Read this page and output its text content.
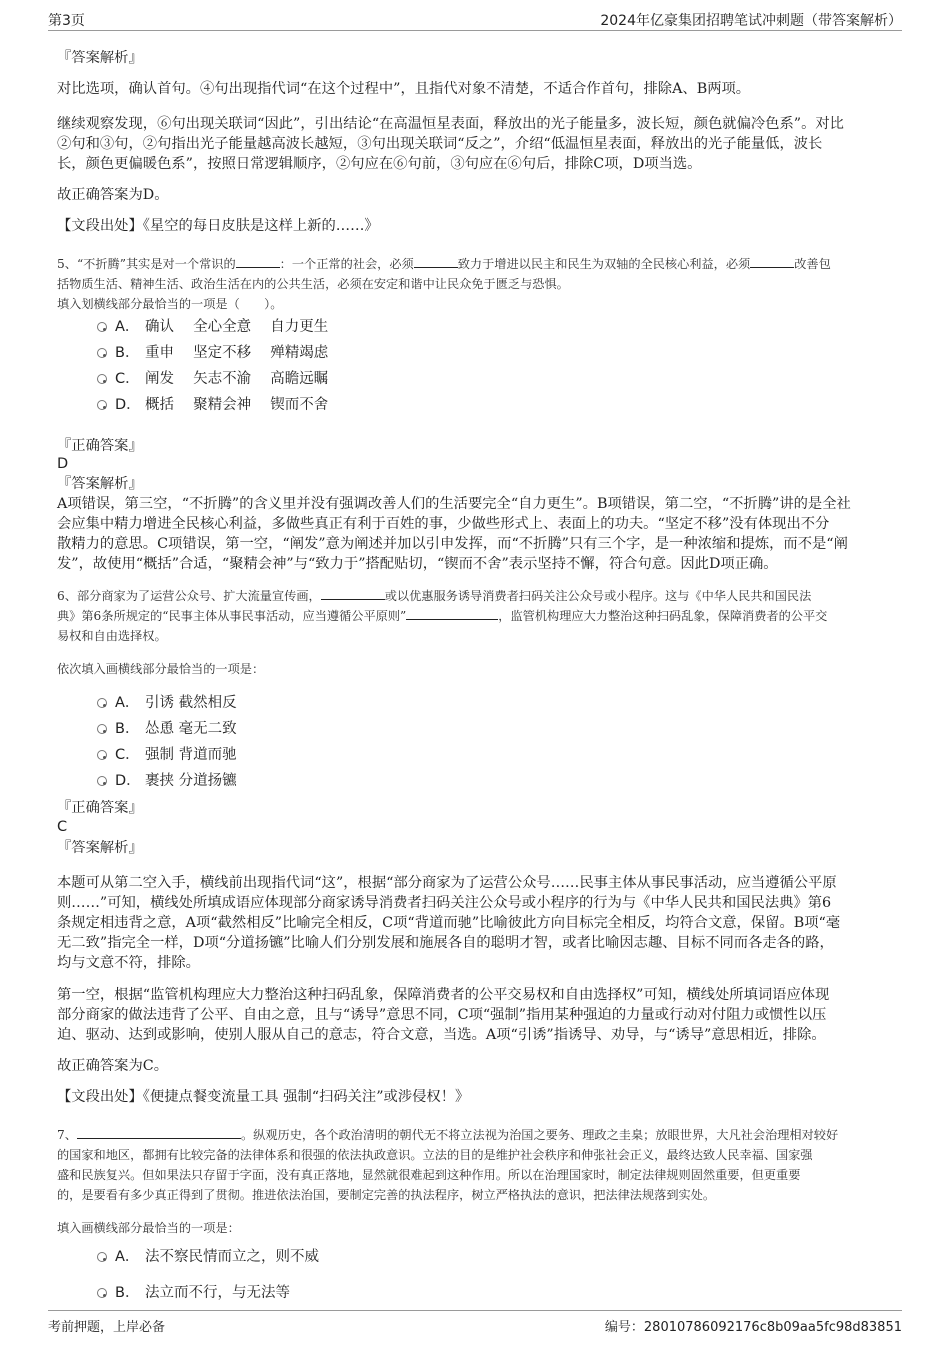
第3页	2024年亿豪集团招聘笔试冲刺题（带答案解析）
『答案解析』
对比选项，确认首句。④句出现指代词“在这个过程中”，且指代对象不清楚，不适合作首句，排除A、B两项。
继续观察发现，⑥句出现关联词“因此”，引出结论“在高温恒星表面，释放出的光子能量多，波长短，颜色就偏冷色系”。对比
②句和③句，②句指出光子能量越高波长越短，③句出现关联词“反之”，介绍“低温恒星表面，释放出的光子能量低，波长
长，颜色更偏暖色系”，按照日常逻辑顺序，②句应在⑥句前，③句应在⑥句后，排除C项，D项当选。
故正确答案为D。
【文段出处】《星空的每日皮肤是这样上新的……》
5、“不折腾”其实是对一个常识的	：一个正常的社会，必须	致力于增进以民主和民生为双轴的全民核心利益，必须	改善包
括物质生活、精神生活、政治生活在内的公共生活，必须在安定和谐中让民众免于匮乏与恐惧。
填入划横线部分最恰当的一项是（　　）。
A． 确认　 全心全意　 自力更生
B． 重申　 坚定不移　 殚精竭虑
C． 阐发　 矢志不渝　 高瞻远瞩
D． 概括　 聚精会神　 锲而不舍
『正确答案』
D
『答案解析』
A项错误，第三空，“不折腾”的含义里并没有强调改善人们的生活要完全“自力更生”。B项错误，第二空，“不折腾”讲的是全社
会应集中精力增进全民核心利益，多做些真正有利于百姓的事，少做些形式上、表面上的功夫。“坚定不移”没有体现出不分
散精力的意思。C项错误，第一空，“阐发”意为阐述并加以引申发挥，而“不折腾”只有三个字，是一种浓缩和提炼，而不是“阐
发”，故使用“概括”合适，“聚精会神”与“致力于”搭配贴切，“锲而不舍”表示坚持不懈，符合句意。因此D项正确。
6、部分商家为了运营公众号、扩大流量宣传画，	或以优惠服务诱导消费者扫码关注公众号或小程序。这与《中华人民共和国民法
典》第6条所规定的“民事主体从事民事活动，应当遵循公平原则”	，监管机构理应大力整治这种扫码乱象，保障消费者的公平交
易权和自由选择权。
依次填入画横线部分最恰当的一项是：
A． 引诱 截然相反
B． 怂恿 毫无二致
C． 强制 背道而驰
D． 裹挟 分道扬镳
『正确答案』
C
『答案解析』
本题可从第二空入手，横线前出现指代词“这”，根据“部分商家为了运营公众号……民事主体从事民事活动，应当遵循公平原
则……”可知，横线处所填成语应体现部分商家诱导消费者扫码关注公众号或小程序的行为与《中华人民共和国民法典》第6
条规定相违背之意，A项“截然相反”比喻完全相反，C项“背道而驰”比喻彼此方向目标完全相反，均符合文意，保留。B项“毫
无二致”指完全一样，D项“分道扬镳”比喻人们分别发展和施展各自的聪明才智，或者比喻因志趣、目标不同而各走各的路，
均与文意不符，排除。
第一空，根据“监管机构理应大力整治这种扫码乱象，保障消费者的公平交易权和自由选择权”可知，横线处所填词语应体现
部分商家的做法违背了公平、自由之意，且与“诱导”意思不同，C项“强制”指用某种强迫的力量或行动对付阻力或惯性以压
迫、驱动、达到或影响，使别人服从自己的意志，符合文意，当选。A项“引诱”指诱导、劝导，与“诱导”意思相近，排除。
故正确答案为C。
【文段出处】《便捷点餐变流量工具 强制“扫码关注”或涉侵权！》
7、	。纵观历史，各个政治清明的朝代无不将立法视为治国之要务、理政之圭臬；放眼世界，大凡社会治理相对较好
的国家和地区，都拥有比较完备的法律体系和很强的依法执政意识。立法的目的是维护社会秩序和伸张社会正义，最终达致人民幸福、国家强
盛和民族复兴。但如果法只存留于字面，没有真正落地，显然就很难起到这种作用。所以在治理国家时，制定法律规则固然重要，但更重要
的，是要看有多少真正得到了贯彻。推进依法治国，要制定完善的执法程序，树立严格执法的意识，把法律法规落到实处。
填入画横线部分最恰当的一项是：
A． 法不察民情而立之，则不威
B． 法立而不行，与无法等
考前押题，上岸必备	编号：28010786092176c8b09aa5fc98d83851
